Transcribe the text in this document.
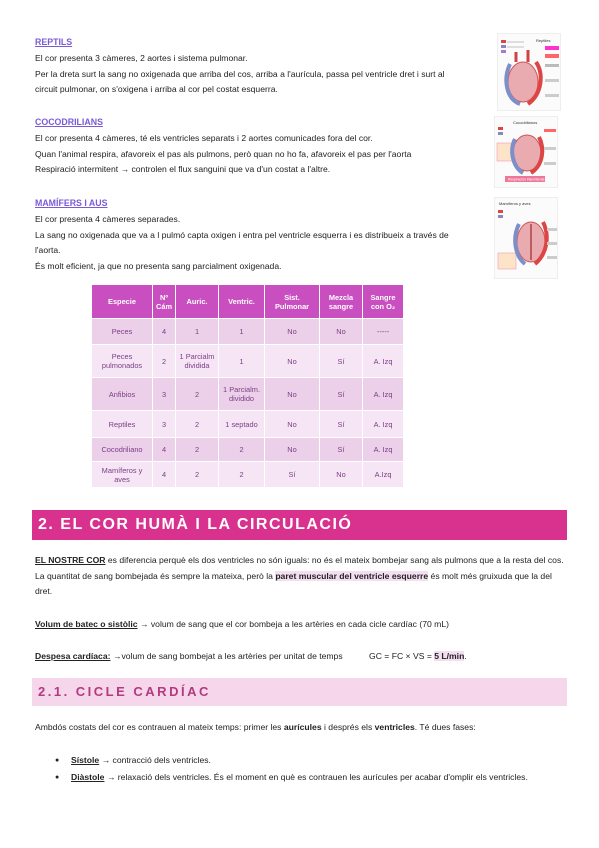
REPTILS
El cor presenta 3 càmeres, 2 aortes i sistema pulmonar.
Per la dreta surt la sang no oxigenada que arriba del cos, arriba a l'aurícula, passa pel ventricle dret i surt al
circuit pulmonar, on s'oxigena i arriba al cor pel costat esquerra.
COCODRILIANS
El cor presenta 4 càmeres, té els ventricles separats i 2 aortes comunicades fora del cor.
Quan l'animal respira, afavoreix el pas als pulmons, però quan no ho fa, afavoreix el pas per l'aorta
Respiració intermitent → controlen el flux sanguini que va d'un costat a l'altre.
MAMÍFERS I AUS
El cor presenta 4 càmeres separades.
La sang no oxigenada que va a l pulmó capta oxigen i entra pel ventricle esquerra i es distribueix a través de
l'aorta.
És molt eficient, ja que no presenta sang parcialment oxigenada.
Reptiles
Cocodrilianos
Respiración intermitente
Mamíferos y aves
Especie	Nº Cám	Auric.	Ventric.	Sist. Pulmonar	Mezcla sangre	Sangre con O₂
Peces	4	1	1	No	No	-----
Peces pulmonados	2	1 Parcialm dividida	1	No	Sí	A. Izq
Anfibios	3	2	1 Parcialm. dividido	No	Sí	A. Izq
Reptiles	3	2	1 septado	No	Sí	A. Izq
Cocodriliano	4	2	2	No	Sí	A. Izq
Mamíferos y aves	4	2	2	Sí	No	A.Izq
2. EL COR HUMÀ I LA CIRCULACIÓ
EL NOSTRE COR es diferencia perquè els dos ventricles no són iguals: no és el mateix bombejar sang als pulmons que a la resta del cos. La quantitat de sang bombejada és sempre la mateixa, però la paret muscular del ventricle esquerre és molt més gruixuda que la del dret.
Volum de batec o sistòlic → volum de sang que el cor bombeja a les artèries en cada cicle cardíac (70 mL)
Despesa cardíaca: →volum de sang bombejat a les artèries per unitat de temps	GC = FC × VS = 5 L/min.
2.1. CICLE CARDÍAC
Ambdós costats del cor es contrauen al mateix temps: primer les aurícules i després els ventricles. Té dues fases:
● Sístole → contracció dels ventricles.
● Diàstole → relaxació dels ventricles. És el moment en què es contrauen les aurícules per acabar d'omplir els ventricles.
